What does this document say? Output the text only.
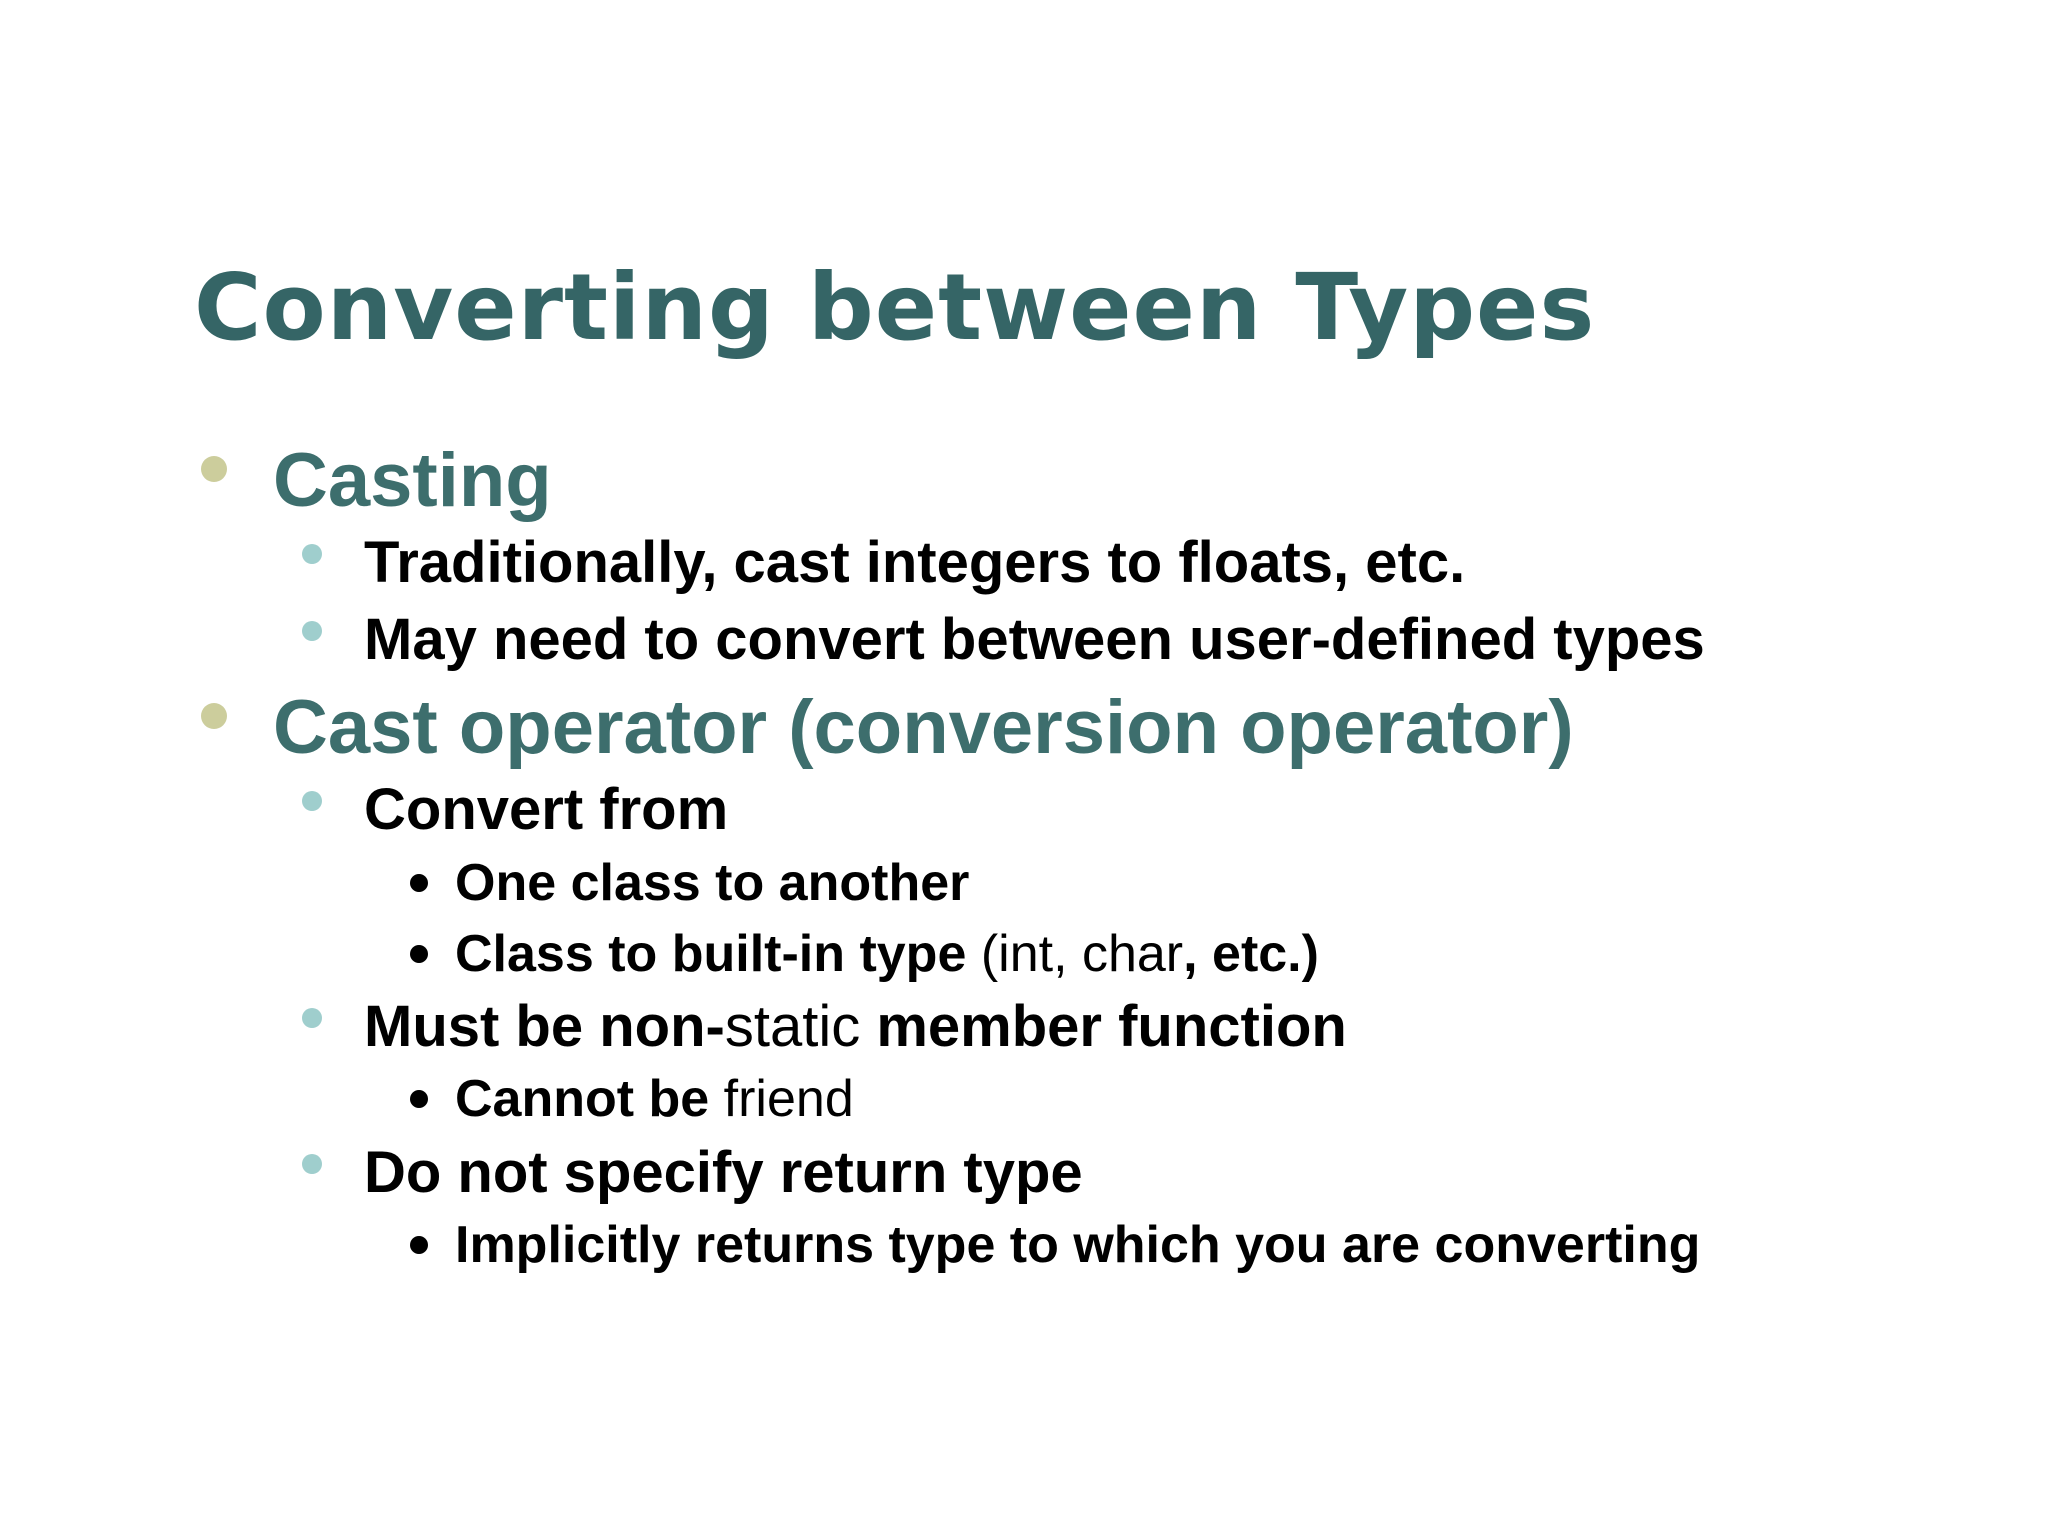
Converting between Types
Casting
Traditionally, cast integers to floats, etc.
May need to convert between user-defined types
Cast operator (conversion operator)
Convert from
One class to another
Class to built-in type (int, char, etc.)
Must be non-static member function
Cannot be friend
Do not specify return type
Implicitly returns type to which you are converting
